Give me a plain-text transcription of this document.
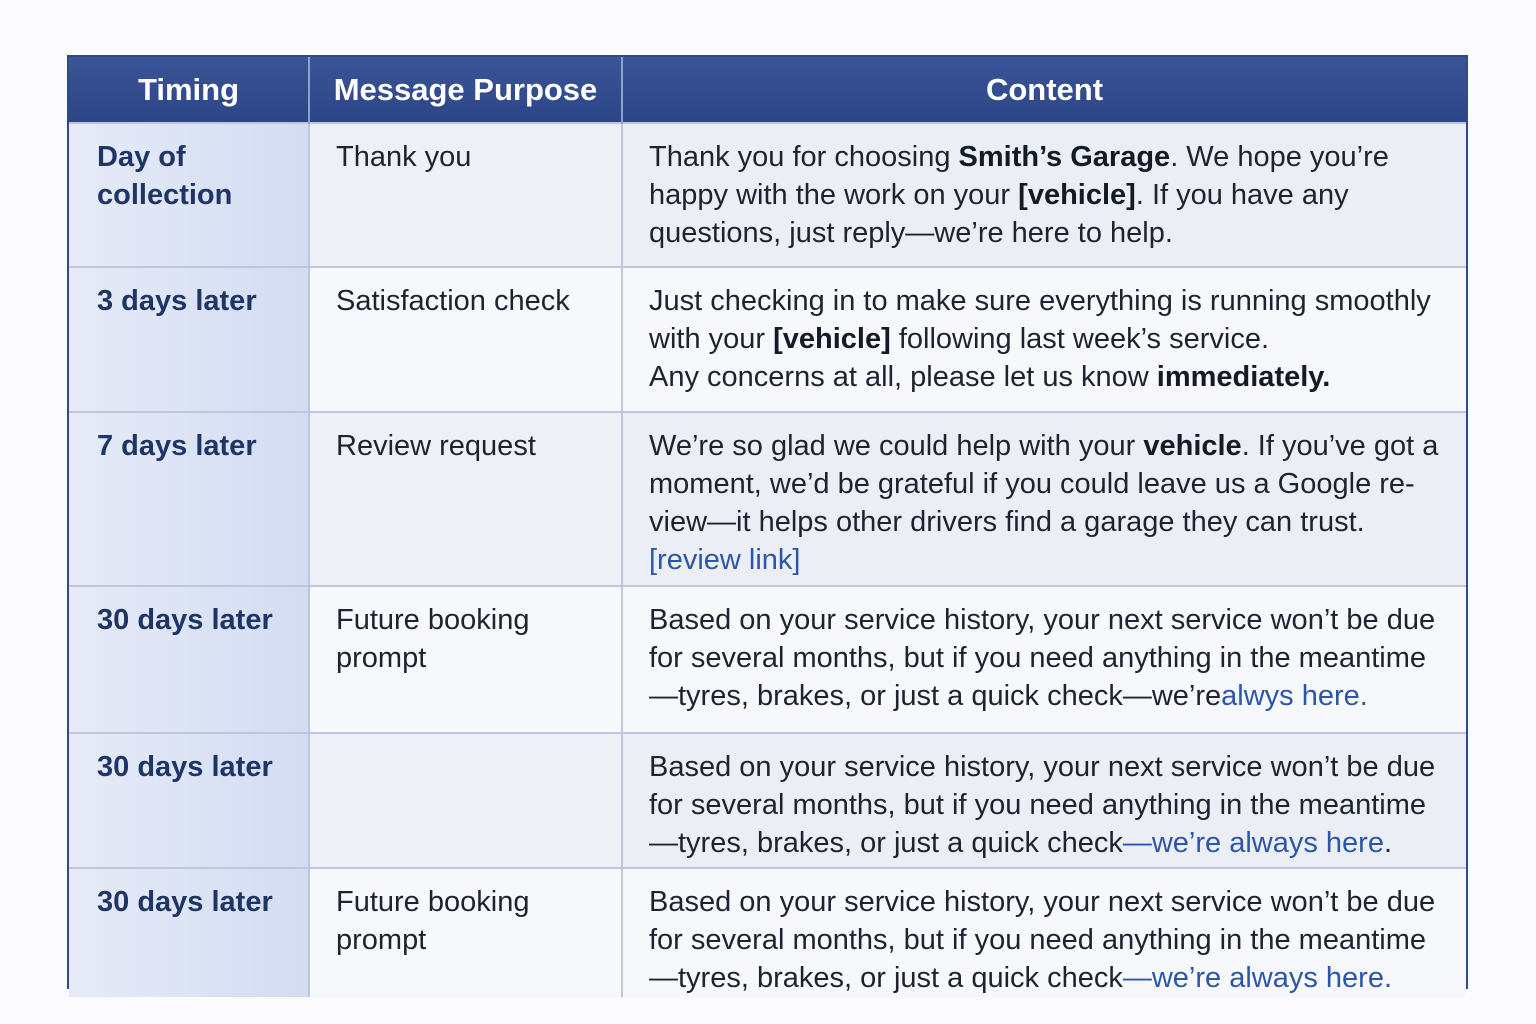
Timing	Message Purpose	Content
Day of collection	Thank you	Thank you for choosing Smith’s Garage. We hope you’re happy with the work on your [vehicle]. If you have any questions, just reply—we’re here to help.

3 days later	Satisfaction check	Just checking in to make sure everything is running smoothly with your [vehicle] following last week’s service.

Any concerns at all, please let us know immediately.

7 days later	Review request	We’re so glad we could help with your vehicle. If you’ve got a moment, we’d be grateful if you could leave us a Google re-view—it helps other drivers find a garage they can trust.

[review link]

30 days later	Future booking prompt	Based on your service history, your next service won’t be due for several months, but if you need anything in the meantime—tyres, brakes, or just a quick check—we’realwys here.

30 days later		Based on your service history, your next service won’t be due for several months, but if you need anything in the meantime—tyres, brakes, or just a quick check—we’re always here.

30 days later	Future booking prompt	Based on your service history, your next service won’t be due for several months, but if you need anything in the meantime—tyres, brakes, or just a quick check—we’re always here.
